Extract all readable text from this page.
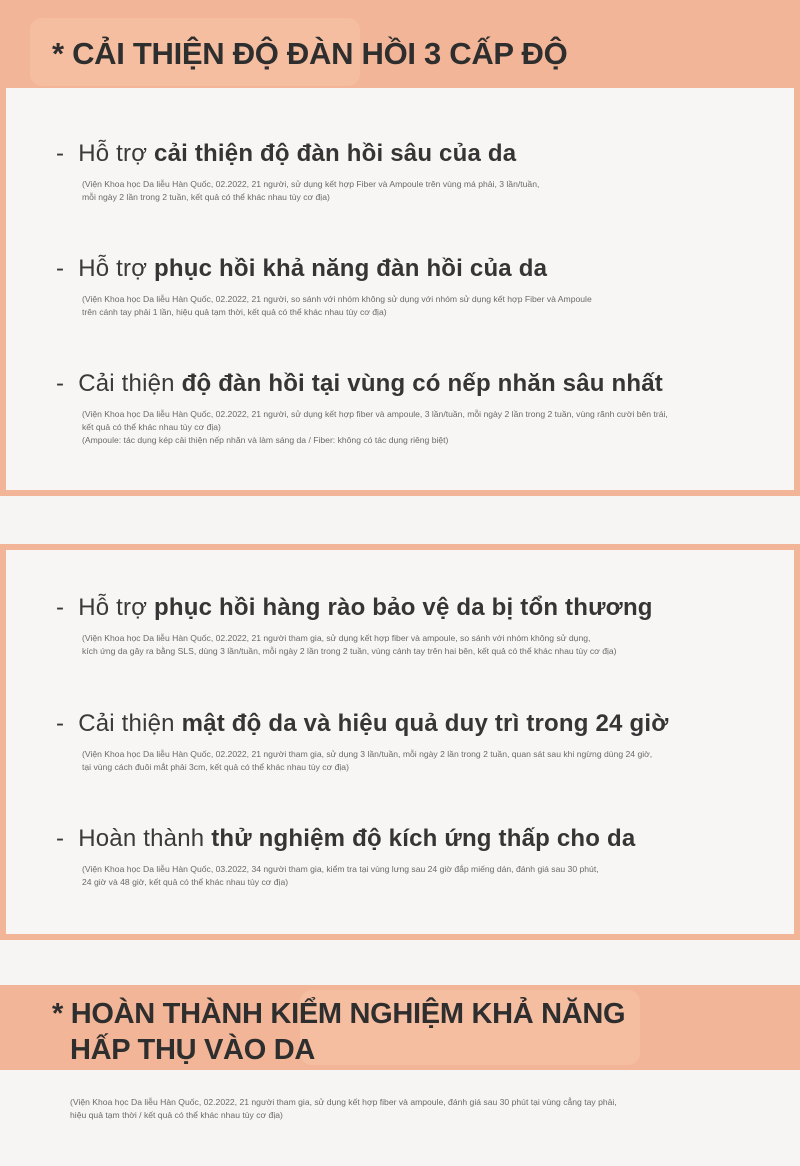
* CẢI THIỆN ĐỘ ĐÀN HỒI 3 CẤP ĐỘ
- Hỗ trợ cải thiện độ đàn hồi sâu của da
(Viện Khoa học Da liễu Hàn Quốc, 02.2022, 21 người, sử dụng kết hợp Fiber và Ampoule trên vùng má phải, 3 lần/tuần,
mỗi ngày 2 lần trong 2 tuần, kết quả có thể khác nhau tùy cơ địa)
- Hỗ trợ phục hồi khả năng đàn hồi của da
(Viện Khoa học Da liễu Hàn Quốc, 02.2022, 21 người, so sánh với nhóm không sử dụng với nhóm sử dụng kết hợp Fiber và Ampoule
trên cánh tay phải 1 lần, hiệu quả tạm thời, kết quả có thể khác nhau tùy cơ địa)
- Cải thiện độ đàn hồi tại vùng có nếp nhăn sâu nhất
(Viện Khoa học Da liễu Hàn Quốc, 02.2022, 21 người, sử dụng kết hợp fiber và ampoule, 3 lần/tuần, mỗi ngày 2 lần trong 2 tuần, vùng rãnh cười bên trái,
kết quả có thể khác nhau tùy cơ địa)
(Ampoule: tác dụng kép cải thiện nếp nhăn và làm sáng da / Fiber: không có tác dụng riêng biệt)
- Hỗ trợ phục hồi hàng rào bảo vệ da bị tổn thương
(Viện Khoa học Da liễu Hàn Quốc, 02.2022, 21 người tham gia, sử dụng kết hợp fiber và ampoule, so sánh với nhóm không sử dụng,
kích ứng da gây ra bằng SLS, dùng 3 lần/tuần, mỗi ngày 2 lần trong 2 tuần, vùng cánh tay trên hai bên, kết quả có thể khác nhau tùy cơ địa)
- Cải thiện mật độ da và hiệu quả duy trì trong 24 giờ
(Viện Khoa học Da liễu Hàn Quốc, 02.2022, 21 người tham gia, sử dụng 3 lần/tuần, mỗi ngày 2 lần trong 2 tuần, quan sát sau khi ngừng dùng 24 giờ,
tại vùng cách đuôi mắt phải 3cm, kết quả có thể khác nhau tùy cơ địa)
- Hoàn thành thử nghiệm độ kích ứng thấp cho da
(Viện Khoa học Da liễu Hàn Quốc, 03.2022, 34 người tham gia, kiểm tra tại vùng lưng sau 24 giờ đắp miếng dán, đánh giá sau 30 phút,
24 giờ và 48 giờ, kết quả có thể khác nhau tùy cơ địa)
* HOÀN THÀNH KIỂM NGHIỆM KHẢ NĂNG
HẤP THỤ VÀO DA
(Viện Khoa học Da liễu Hàn Quốc, 02.2022, 21 người tham gia, sử dụng kết hợp fiber và ampoule, đánh giá sau 30 phút tại vùng cẳng tay phải,
hiệu quả tạm thời / kết quả có thể khác nhau tùy cơ địa)
